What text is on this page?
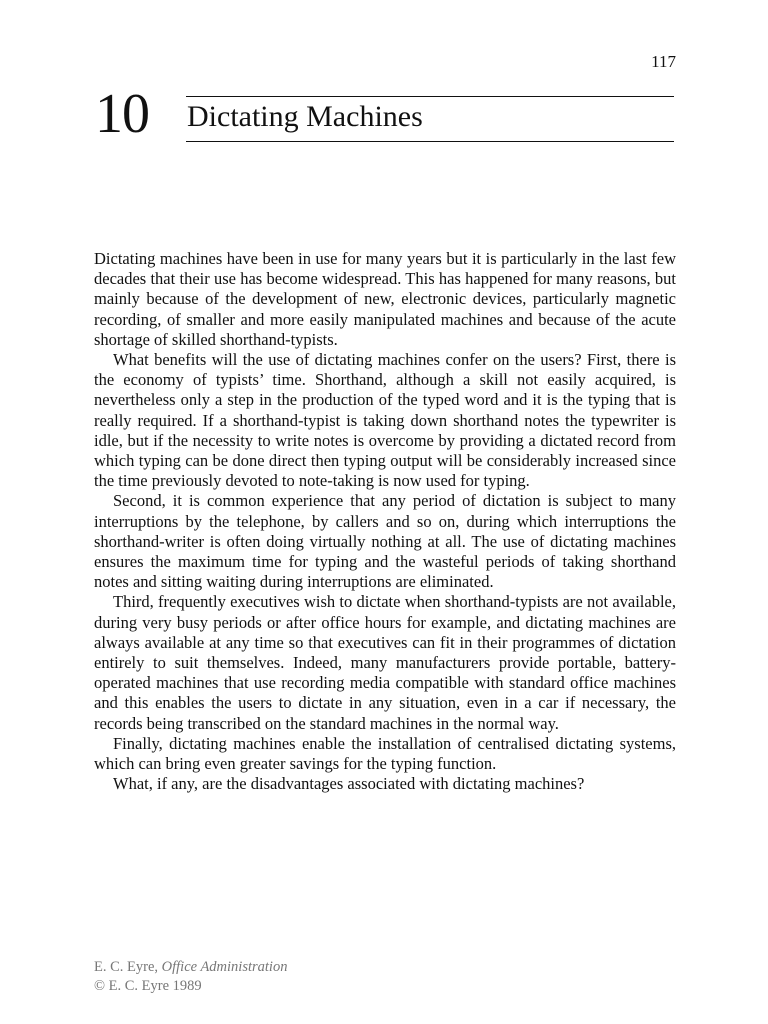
117
10 Dictating Machines

Dictating machines have been in use for many years but it is particularly in the last few decades that their use has become widespread. This has happened for many reasons, but mainly because of the development of new, electronic devices, particularly magnetic recording, of smaller and more easily manipulated machines and because of the acute shortage of skilled shorthand-typists.

What benefits will the use of dictating machines confer on the users? First, there is the economy of typists’ time. Shorthand, although a skill not easily acquired, is nevertheless only a step in the production of the typed word and it is the typing that is really required. If a shorthand-typist is taking down shorthand notes the typewriter is idle, but if the necessity to write notes is overcome by providing a dictated record from which typing can be done direct then typing output will be considerably increased since the time previously devoted to note-taking is now used for typing.

Second, it is common experience that any period of dictation is subject to many interruptions by the telephone, by callers and so on, during which interruptions the shorthand-writer is often doing virtually nothing at all. The use of dictating machines ensures the maximum time for typing and the wasteful periods of taking shorthand notes and sitting waiting during interruptions are eliminated.

Third, frequently executives wish to dictate when shorthand-typists are not available, during very busy periods or after office hours for example, and dictating machines are always available at any time so that executives can fit in their programmes of dictation entirely to suit themselves. Indeed, many manufacturers provide portable, battery-operated machines that use recording media compatible with standard office machines and this enables the users to dictate in any situation, even in a car if necessary, the records being transcribed on the standard machines in the normal way.

Finally, dictating machines enable the installation of centralised dictating systems, which can bring even greater savings for the typing function.

What, if any, are the disadvantages associated with dictating machines?

E. C. Eyre, Office Administration
© E. C. Eyre 1989
